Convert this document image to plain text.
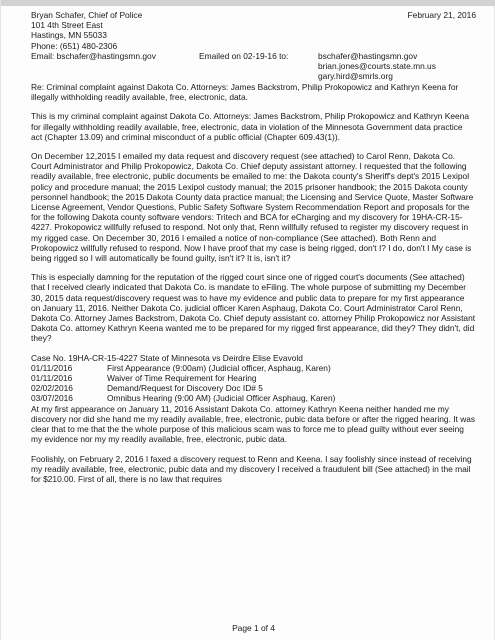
Bryan Schafer, Chief of Police
101 4th Street East
Hastings, MN 55033
Phone: (651) 480-2306
Email: bschafer@hastingsmn.gov
February 21, 2016
Emailed on 02-19-16 to:	bschafer@hastingsmn.gov
brian.jones@courts.state.mn.us
gary.hird@smrls.org

Re: Criminal complaint against Dakota Co. Attorneys: James Backstrom, Philip Prokopowicz and Kathryn Keena for illegally withholding readily available, free, electronic, data.

This is my criminal complaint against Dakota Co. Attorneys: James Backstrom, Philip Prokopowicz and Kathryn Keena for illegally withholding readily available, free, electronic, data in violation of the Minnesota Government data practice act (Chapter 13.09) and criminal misconduct of a public official (Chapter 609.43(1)).

On December 12,2015 I emailed my data request and discovery request (see attached) to Carol Renn, Dakota Co. Court Administrator and Philip Prokopowicz, Dakota Co. Chief deputy assistant attorney. I requested that the following readily available, free electronic, public documents be emailed to me: the Dakota county's Sheriff's dept's 2015 Lexipol policy and procedure manual; the 2015 Lexipol custody manual; the 2015 prisoner handbook; the 2015 Dakota county personnel handbook; the 2015 Dakota County data practice manual; the Licensing and Service Quote, Master Software License Agreement, Vendor Questions, Public Safety Software System Recommendation Report and proposals for the for the following Dakota county software vendors: Tritech and BCA for eCharging and my discovery for 19HA-CR-15-4227. Prokopowicz willfully refused to respond. Not only that, Renn willfully refused to register my discovery request in my rigged case. On December 30, 2016 I emailed a notice of non-compliance (See attached). Both Renn and Prokopowicz willfully refused to respond. Now I have proof that my case is being rigged, don't I? I do, don't I My case is being rigged so I will automatically be found guilty, isn't it? It is, isn't it?

This is especially damning for the reputation of the rigged court since one of rigged court's documents (See attached) that I received clearly indicated that Dakota Co. is mandate to eFiling. The whole purpose of submitting my December 30, 2015 data request/discovery request was to have my evidence and public data to prepare for my first appearance on January 11, 2016. Neither Dakota Co. judicial officer Karen Asphaug, Dakota Co. Court Administrator Carol Renn, Dakota Co. Attorney James Backstrom, Dakota Co. Chief deputy assistant co. attorney Philip Prokopowicz nor Assistant Dakota Co. attorney Kathryn Keena wanted me to be prepared for my rigged first appearance, did they? They didn't, did they?

Case No. 19HA-CR-15-4227 State of Minnesota vs Deirdre Elise Evavold
01/11/2016	First Appearance (9:00am) (Judicial officer, Asphaug, Karen)
01/11/2016	Waiver of Time Requirement for Hearing
02/02/2016	Demand/Request for Discovery Doc ID# 5
03/07/2016	Omnibus Hearing (9:00 AM) (Judicial Officer Asphaug, Karen)

At my first appearance on January 11, 2016 Assistant Dakota Co. attorney Kathryn Keena neither handed me my discovery nor did she hand me my readily available, free, electronic, pubic data before or after the rigged hearing. It was clear that to me that the the whole purpose of this malicious scam was to force me to plead guilty without ever seeing my evidence nor my my readily available, free, electronic, pubic data.

Foolishly, on February 2, 2016 I faxed a discovery request to Renn and Keena. I say foolishly since instead of receiving my readily available, free, electronic, pubic data and my discovery I received a fraudulent bill (See attached) in the mail for $210.00. First of all, there is no law that requires

Page 1 of 4
